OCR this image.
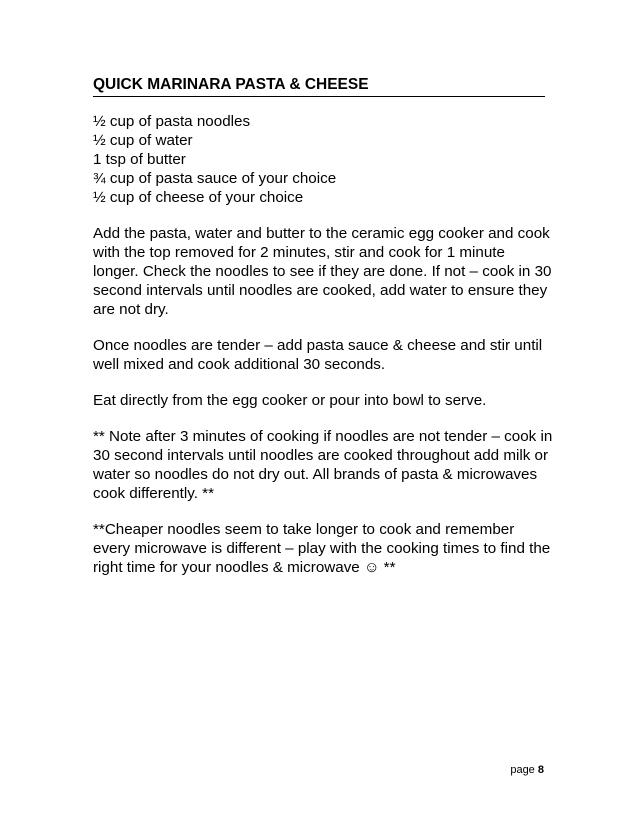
QUICK MARINARA PASTA & CHEESE
½ cup of pasta noodles
½ cup of water
1 tsp of butter
¾ cup of pasta sauce of your choice
½ cup of cheese of your choice

Add the pasta, water and butter to the ceramic egg cooker and cook with the top removed for 2 minutes, stir and cook for 1 minute longer. Check the noodles to see if they are done. If not – cook in 30 second intervals until noodles are cooked, add water to ensure they are not dry.

Once noodles are tender – add pasta sauce & cheese and stir until well mixed and cook additional 30 seconds.

Eat directly from the egg cooker or pour into bowl to serve.

** Note after 3 minutes of cooking if noodles are not tender – cook in 30 second intervals until noodles are cooked throughout add milk or water so noodles do not dry out. All brands of pasta & microwaves cook differently. **

**Cheaper noodles seem to take longer to cook and remember every microwave is different – play with the cooking times to find the right time for your noodles & microwave ☺ **

page 8
